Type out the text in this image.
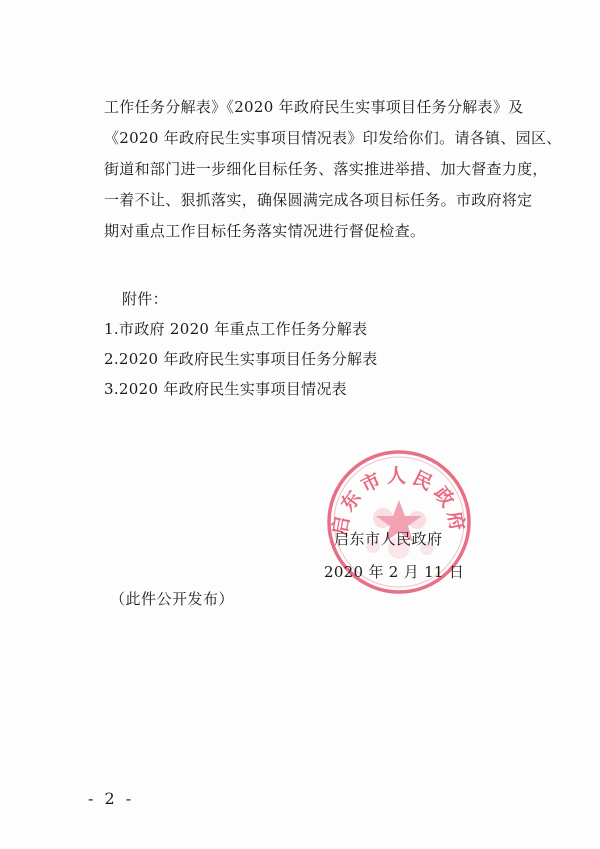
工作任务分解表》《2020 年政府民生实事项目任务分解表》及
《2020 年政府民生实事项目情况表》印发给你们。请各镇、园区、
街道和部门进一步细化目标任务、落实推进举措、加大督查力度，
一着不让、狠抓落实，确保圆满完成各项目标任务。市政府将定
期对重点工作目标任务落实情况进行督促检查。
附件：
1.市政府 2020 年重点工作任务分解表
2.2020 年政府民生实事项目任务分解表
3.2020 年政府民生实事项目情况表
启东市人民政府
启东市人民政府
2020 年 2 月 11 日
（此件公开发布）
- 2 -
